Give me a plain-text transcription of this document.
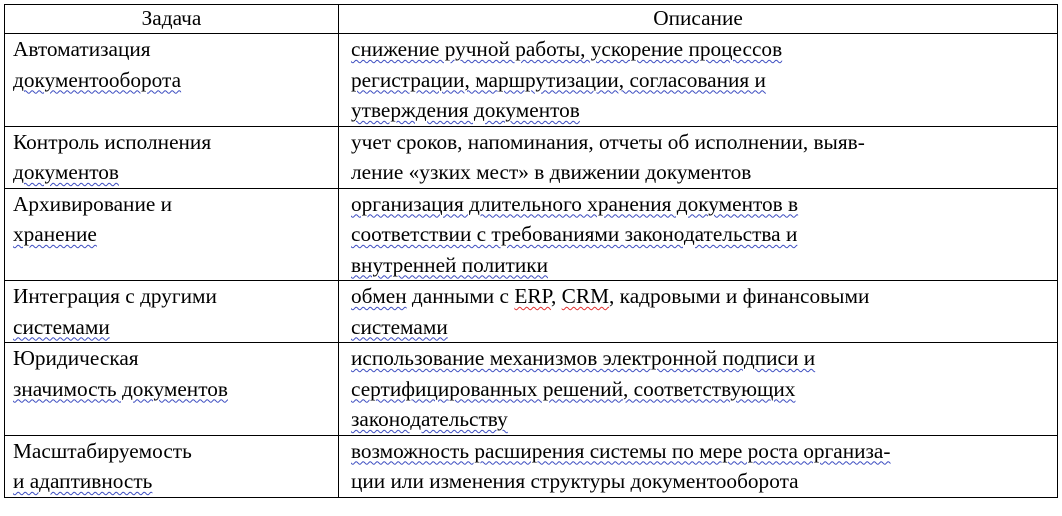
Задача	Описание

Автоматизация
документооборота	снижение ручной работы, ускорение процессов
регистрации, маршрутизации, согласования и
утверждения документов

Контроль исполнения
документов	учет сроков, напоминания, отчеты об исполнении, выяв-
ление «узких мест» в движении документов

Архивирование и
хранение	организация длительного хранения документов в
соответствии с требованиями законодательства и
внутренней политики

Интеграция с другими
системами	обмен данными с ERP, CRM, кадровыми и финансовыми
системами

Юридическая
значимость документов	использование механизмов электронной подписи и
сертифицированных решений, соответствующих
законодательству

Масштабируемость
и адаптивность	возможность расширения системы по мере роста организа-
ции или изменения структуры документооборота
